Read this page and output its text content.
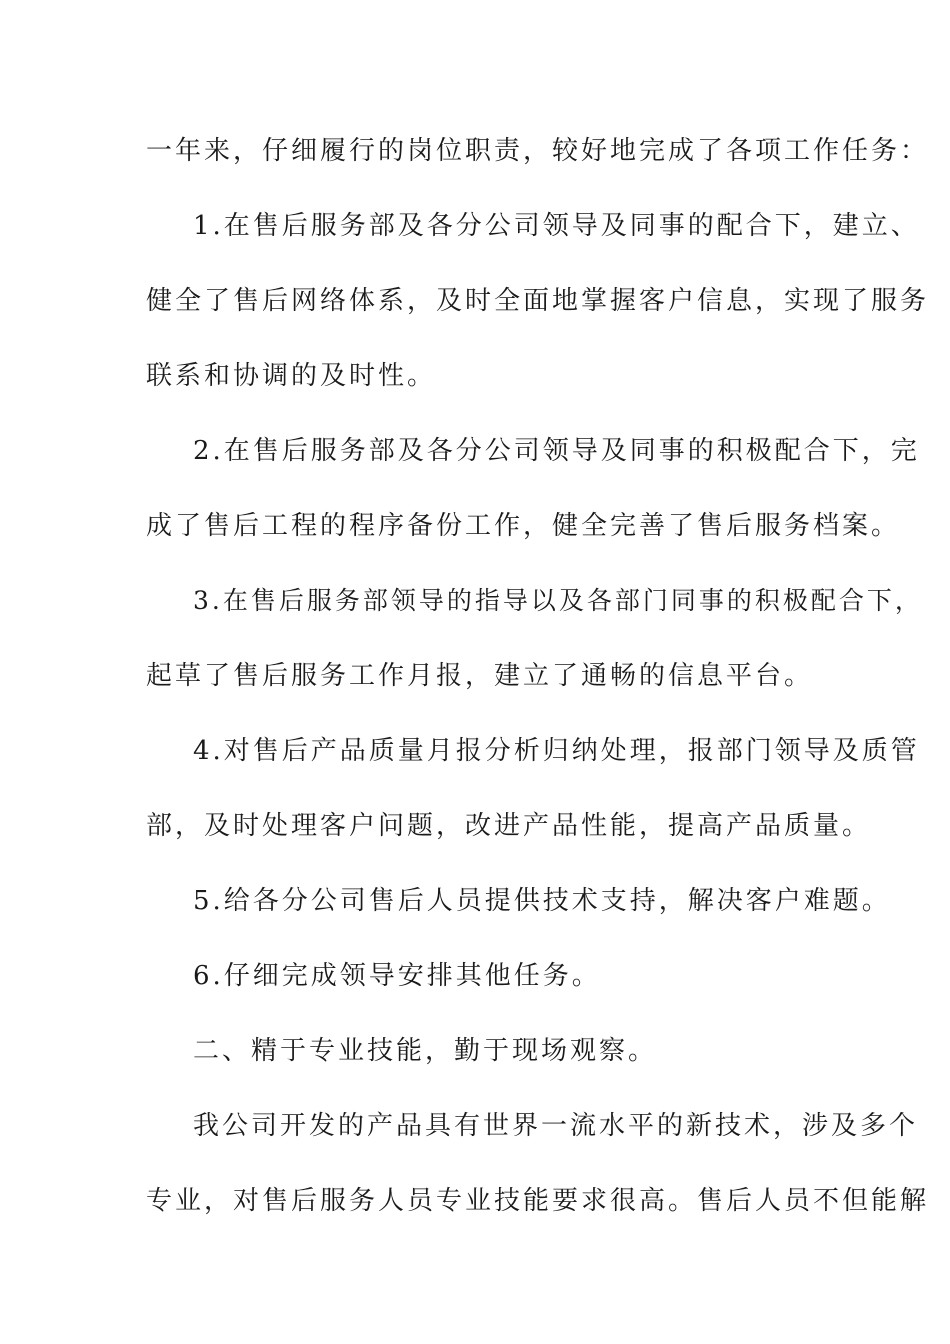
一年来，仔细履行的岗位职责，较好地完成了各项工作任务：
1.在售后服务部及各分公司领导及同事的配合下，建立、
健全了售后网络体系，及时全面地掌握客户信息，实现了服务
联系和协调的及时性。
2.在售后服务部及各分公司领导及同事的积极配合下，完
成了售后工程的程序备份工作，健全完善了售后服务档案。
3.在售后服务部领导的指导以及各部门同事的积极配合下，
起草了售后服务工作月报，建立了通畅的信息平台。
4.对售后产品质量月报分析归纳处理，报部门领导及质管
部，及时处理客户问题，改进产品性能，提高产品质量。
5.给各分公司售后人员提供技术支持，解决客户难题。
6.仔细完成领导安排其他任务。
二、精于专业技能，勤于现场观察。
我公司开发的产品具有世界一流水平的新技术，涉及多个
专业，对售后服务人员专业技能要求很高。售后人员不但能解
